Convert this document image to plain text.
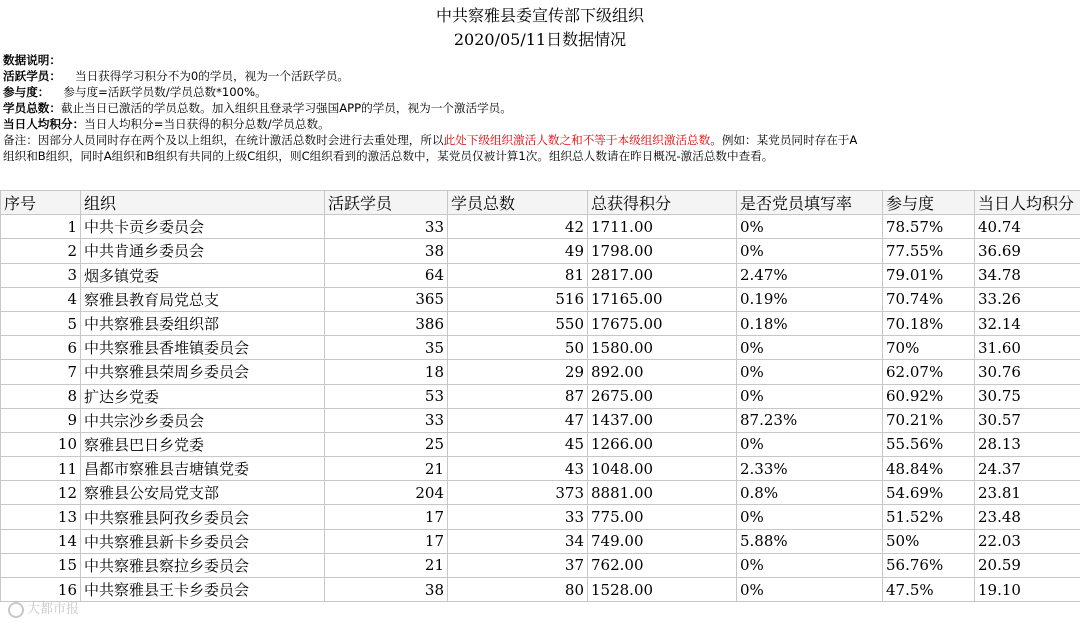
中共察雅县委宣传部下级组织
2020/05/11日数据情况
数据说明：
活跃学员： 当日获得学习积分不为0的学员，视为一个活跃学员。
参与度： 参与度=活跃学员数/学员总数*100%。
学员总数：截止当日已激活的学员总数。加入组织且登录学习强国APP的学员，视为一个激活学员。
当日人均积分：当日人均积分=当日获得的积分总数/学员总数。
备注：因部分人员同时存在两个及以上组织，在统计激活总数时会进行去重处理，所以此处下级组织激活人数之和不等于本级组织激活总数。例如：某党员同时存在于A
组织和B组织，同时A组织和B组织有共同的上级C组织，则C组织看到的激活总数中，某党员仅被计算1次。组织总人数请在昨日概况-激活总数中查看。
序号	组织	活跃学员	学员总数	总获得积分	是否党员填写率	参与度	当日人均积分
1	中共卡贡乡委员会	33	42	1711.00	0%	78.57%	40.74
2	中共肯通乡委员会	38	49	1798.00	0%	77.55%	36.69
3	烟多镇党委	64	81	2817.00	2.47%	79.01%	34.78
4	察雅县教育局党总支	365	516	17165.00	0.19%	70.74%	33.26
5	中共察雅县委组织部	386	550	17675.00	0.18%	70.18%	32.14
6	中共察雅县香堆镇委员会	35	50	1580.00	0%	70%	31.60
7	中共察雅县荣周乡委员会	18	29	892.00	0%	62.07%	30.76
8	扩达乡党委	53	87	2675.00	0%	60.92%	30.75
9	中共宗沙乡委员会	33	47	1437.00	87.23%	70.21%	30.57
10	察雅县巴日乡党委	25	45	1266.00	0%	55.56%	28.13
11	昌都市察雅县吉塘镇党委	21	43	1048.00	2.33%	48.84%	24.37
12	察雅县公安局党支部	204	373	8881.00	0.8%	54.69%	23.81
13	中共察雅县阿孜乡委员会	17	33	775.00	0%	51.52%	23.48
14	中共察雅县新卡乡委员会	17	34	749.00	5.88%	50%	22.03
15	中共察雅县察拉乡委员会	21	37	762.00	0%	56.76%	20.59
16	中共察雅县王卡乡委员会	38	80	1528.00	0%	47.5%	19.10
大都市报
